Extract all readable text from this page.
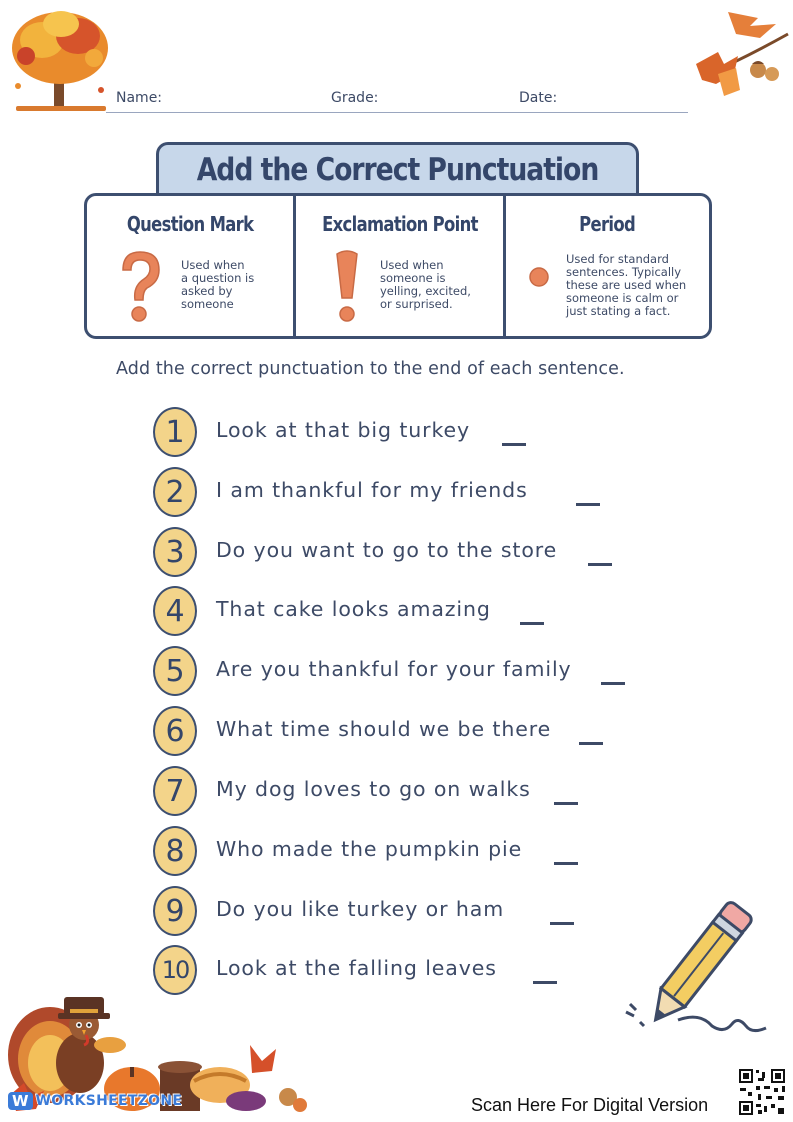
Name:	Grade:	Date:
Add the Correct Punctuation
Question Mark
Used when
a question is
asked by
someone
Exclamation Point
Used when
someone is
yelling, excited,
or surprised.
Period
Used for standard
sentences. Typically
these are used when
someone is calm or
just stating a fact.
Add the correct punctuation to the end of each sentence.
1	Look at that big turkey
2	I am thankful for my friends
3	Do you want to go to the store
4	That cake looks amazing
5	Are you thankful for your family
6	What time should we be there
7	My dog loves to go on walks
8	Who made the pumpkin pie
9	Do you like turkey or ham
10	Look at the falling leaves
W WORKSHEETZONE	Scan Here For Digital Version
